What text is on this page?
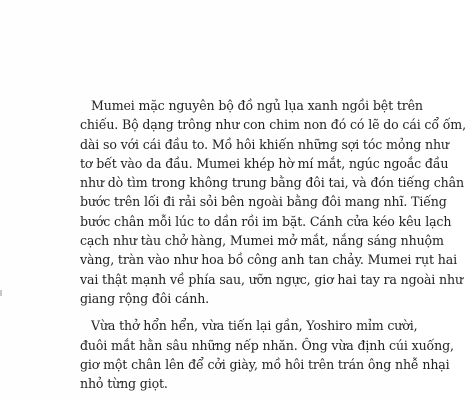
Mumei mặc nguyên bộ đồ ngủ lụa xanh ngồi bệt trên
chiếu. Bộ dạng trông như con chim non đó có lẽ do cái cổ ốm,
dài so với cái đầu to. Mồ hôi khiến những sợi tóc mỏng như
tơ bết vào da đầu. Mumei khép hờ mí mắt, ngúc ngoắc đầu
như dò tìm trong không trung bằng đôi tai, và đón tiếng chân
bước trên lối đi rải sỏi bên ngoài bằng đôi mang nhĩ. Tiếng
bước chân mỗi lúc to dần rồi im bặt. Cánh cửa kéo kêu lạch
cạch như tàu chở hàng, Mumei mở mắt, nắng sáng nhuộm
vàng, tràn vào như hoa bồ công anh tan chảy. Mumei rụt hai
vai thật mạnh về phía sau, ưỡn ngực, giơ hai tay ra ngoài như
giang rộng đôi cánh.
Vừa thở hổn hển, vừa tiến lại gần, Yoshiro mỉm cười,
đuôi mắt hằn sâu những nếp nhăn. Ông vừa định cúi xuống,
giơ một chân lên để cởi giày, mồ hôi trên trán ông nhễ nhại
nhỏ từng giọt.
